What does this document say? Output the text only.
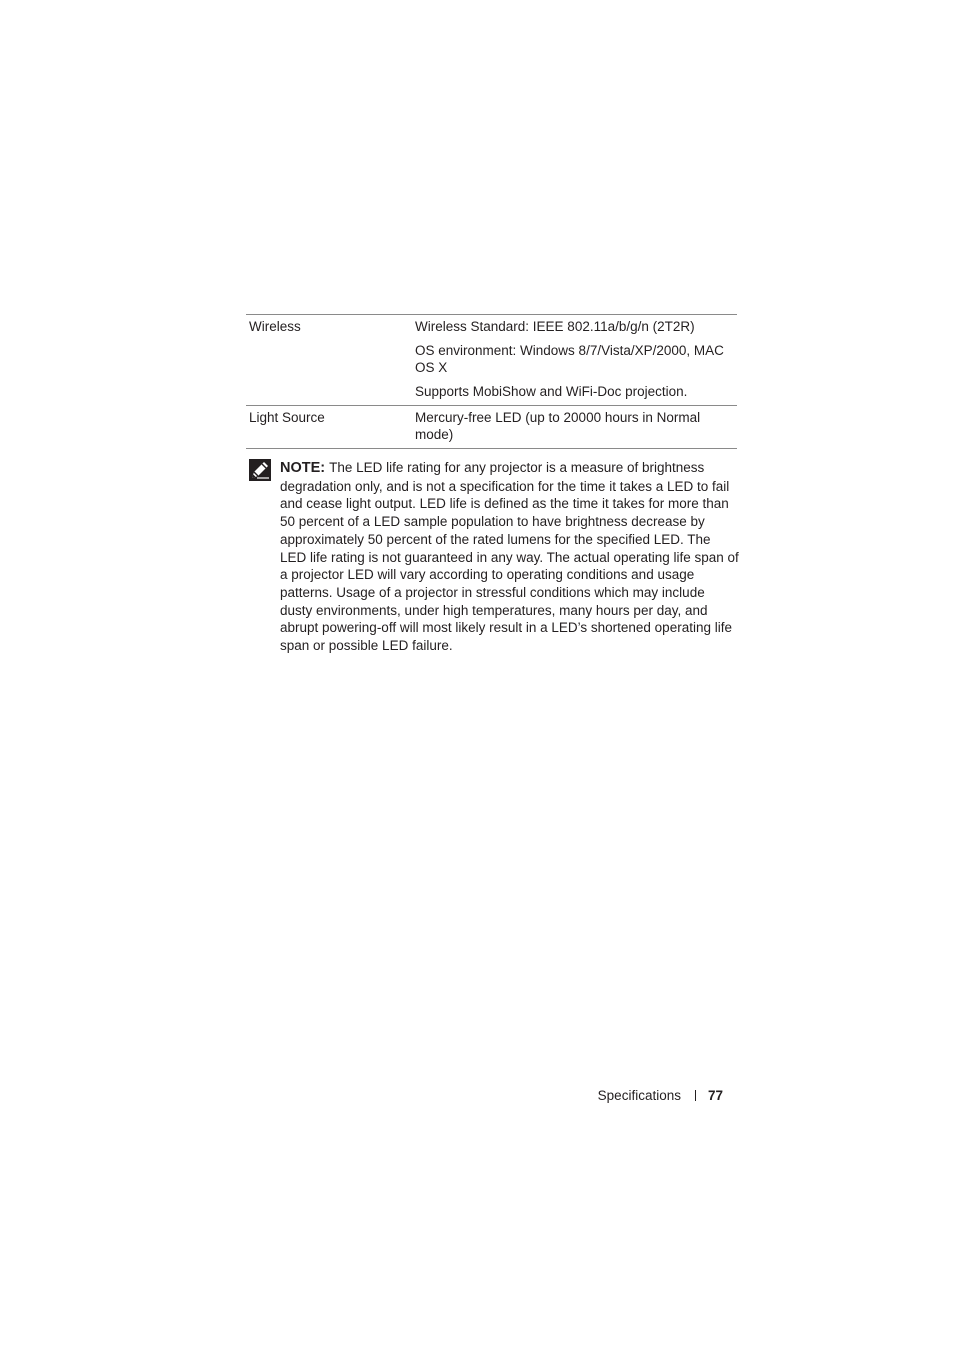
Wireless	Wireless Standard: IEEE 802.11a/b/g/n (2T2R)
	OS environment: Windows 8/7/Vista/XP/2000, MAC OS X
	Supports MobiShow and WiFi-Doc projection.
Light Source	Mercury-free LED (up to 20000 hours in Normal mode)
NOTE: The LED life rating for any projector is a measure of brightness degradation only, and is not a specification for the time it takes a LED to fail and cease light output. LED life is defined as the time it takes for more than 50 percent of a LED sample population to have brightness decrease by approximately 50 percent of the rated lumens for the specified LED. The LED life rating is not guaranteed in any way. The actual operating life span of a projector LED will vary according to operating conditions and usage patterns. Usage of a projector in stressful conditions which may include dusty environments, under high temperatures, many hours per day, and abrupt powering-off will most likely result in a LED’s shortened operating life span or possible LED failure.
Specifications 77
